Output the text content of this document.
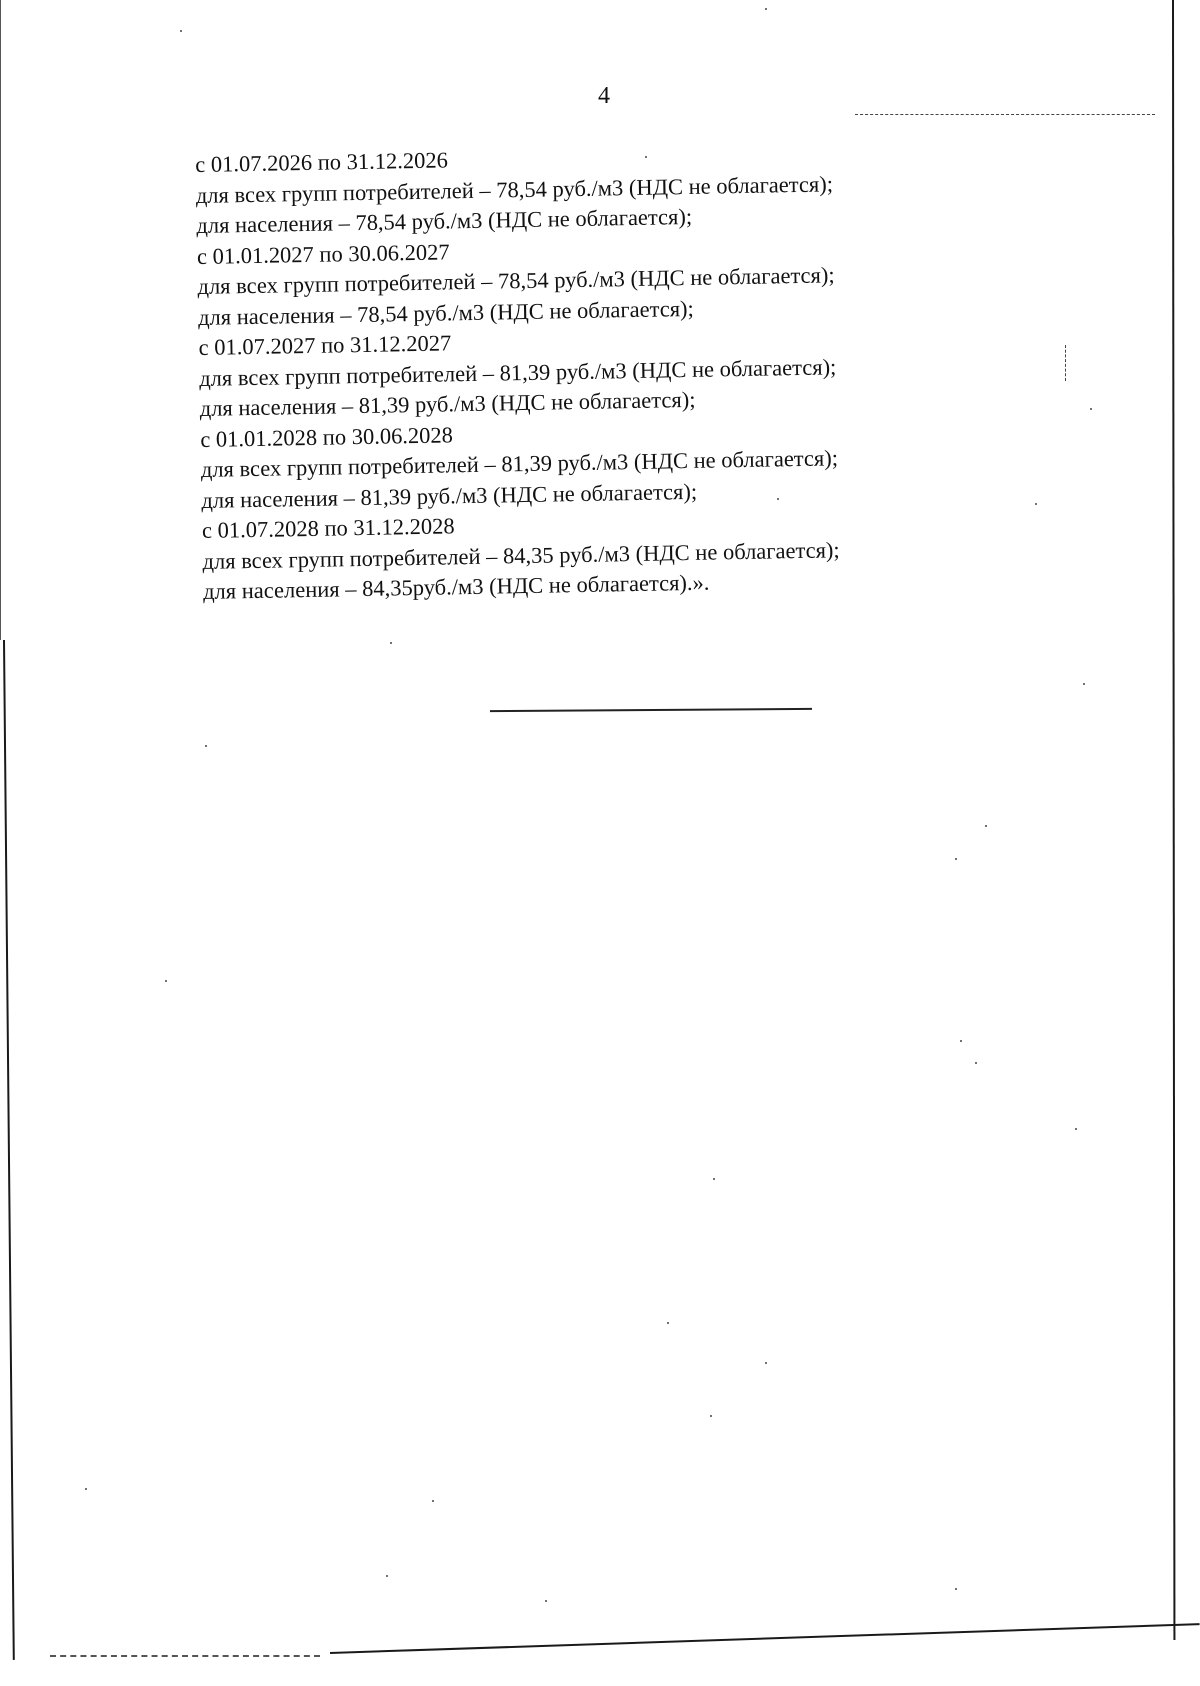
4

с 01.07.2026 по 31.12.2026

для всех групп потребителей – 78,54 руб./м3 (НДС не облагается);

для населения – 78,54 руб./м3 (НДС не облагается);

с 01.01.2027 по 30.06.2027

для всех групп потребителей – 78,54 руб./м3 (НДС не облагается);

для населения – 78,54 руб./м3 (НДС не облагается);

с 01.07.2027 по 31.12.2027

для всех групп потребителей – 81,39 руб./м3 (НДС не облагается);

для населения – 81,39 руб./м3 (НДС не облагается);

с 01.01.2028 по 30.06.2028

для всех групп потребителей – 81,39 руб./м3 (НДС не облагается);

для населения – 81,39 руб./м3 (НДС не облагается);

с 01.07.2028 по 31.12.2028

для всех групп потребителей – 84,35 руб./м3 (НДС не облагается);

для населения – 84,35руб./м3 (НДС не облагается).».
